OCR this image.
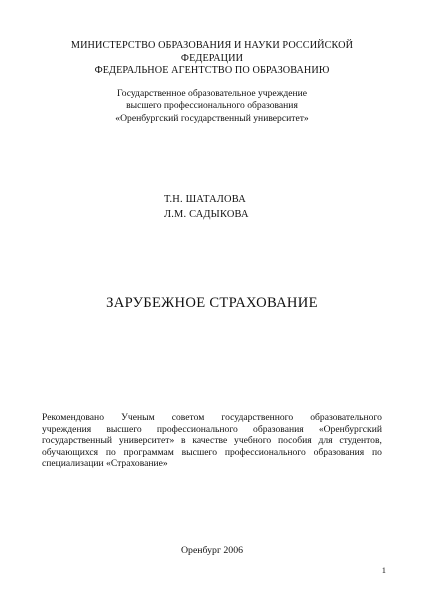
МИНИСТЕРСТВО ОБРАЗОВАНИЯ И НАУКИ РОССИЙСКОЙ
ФЕДЕРАЦИИ
ФЕДЕРАЛЬНОЕ АГЕНТСТВО ПО ОБРАЗОВАНИЮ
Государственное образовательное учреждение
высшего профессионального образования
«Оренбургский государственный университет»
Т.Н. ШАТАЛОВА
Л.М. САДЫКОВА
ЗАРУБЕЖНОЕ СТРАХОВАНИЕ
Рекомендовано Ученым советом государственного образовательного
учреждения высшего профессионального образования «Оренбургский
государственный университет» в качестве учебного пособия для студентов,
обучающихся по программам высшего профессионального образования по
специализации «Страхование»
Оренбург 2006
1
